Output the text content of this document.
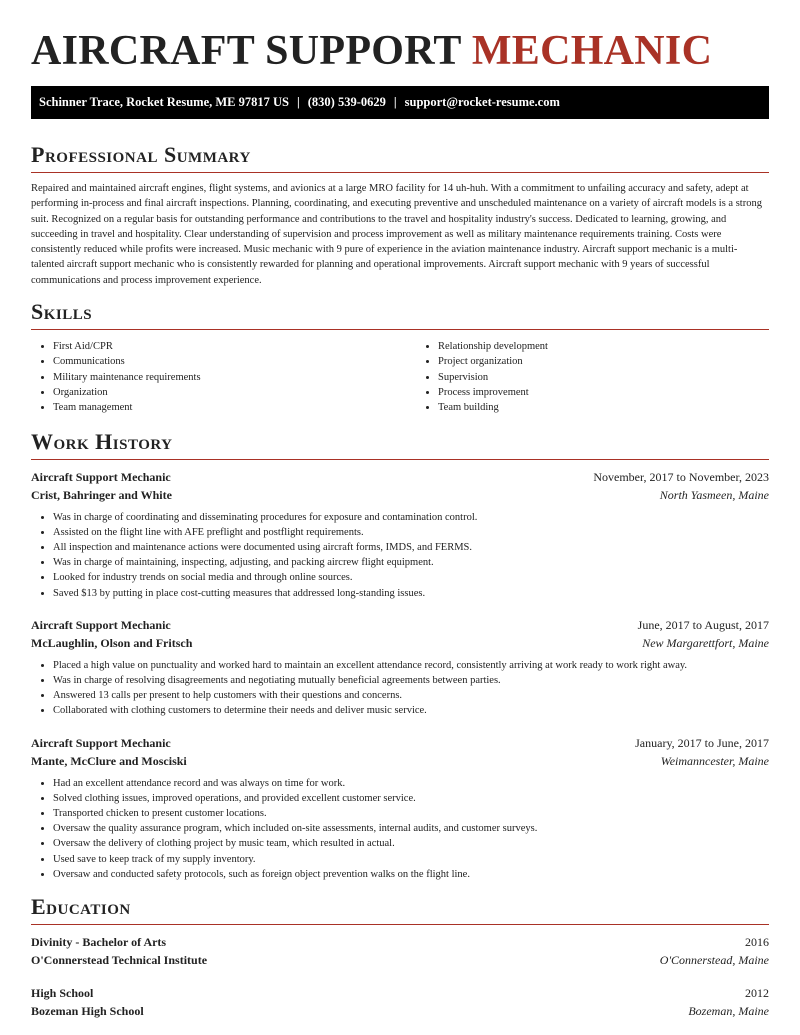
AIRCRAFT SUPPORT MECHANIC
Schinner Trace, Rocket Resume, ME 97817 US | (830) 539-0629 | support@rocket-resume.com
Professional Summary

Repaired and maintained aircraft engines, flight systems, and avionics at a large MRO facility for 14 uh-huh. With a commitment to unfailing accuracy and safety, adept at performing in-process and final aircraft inspections. Planning, coordinating, and executing preventive and unscheduled maintenance on a variety of aircraft models is a strong suit. Recognized on a regular basis for outstanding performance and contributions to the travel and hospitality industry's success. Dedicated to learning, growing, and succeeding in travel and hospitality. Clear understanding of supervision and process improvement as well as military maintenance requirements training. Costs were consistently reduced while profits were increased. Music mechanic with 9 pure of experience in the aviation maintenance industry. Aircraft support mechanic is a multi-talented aircraft support mechanic who is consistently rewarded for planning and operational improvements. Aircraft support mechanic with 9 years of successful communications and process improvement experience.

Skills
• First Aid/CPR
• Communications
• Military maintenance requirements
• Organization
• Team management
• Relationship development
• Project organization
• Supervision
• Process improvement
• Team building
Work History
Aircraft Support Mechanic	November, 2017 to November, 2023
Crist, Bahringer and White	North Yasmeen, Maine
• Was in charge of coordinating and disseminating procedures for exposure and contamination control.
• Assisted on the flight line with AFE preflight and postflight requirements.
• All inspection and maintenance actions were documented using aircraft forms, IMDS, and FERMS.
• Was in charge of maintaining, inspecting, adjusting, and packing aircrew flight equipment.
• Looked for industry trends on social media and through online sources.
• Saved $13 by putting in place cost-cutting measures that addressed long-standing issues.
Aircraft Support Mechanic	June, 2017 to August, 2017
McLaughlin, Olson and Fritsch	New Margarettfort, Maine
• Placed a high value on punctuality and worked hard to maintain an excellent attendance record, consistently arriving at work ready to work right away.
• Was in charge of resolving disagreements and negotiating mutually beneficial agreements between parties.
• Answered 13 calls per present to help customers with their questions and concerns.
• Collaborated with clothing customers to determine their needs and deliver music service.
Aircraft Support Mechanic	January, 2017 to June, 2017
Mante, McClure and Mosciski	Weimanncester, Maine
• Had an excellent attendance record and was always on time for work.
• Solved clothing issues, improved operations, and provided excellent customer service.
• Transported chicken to present customer locations.
• Oversaw the quality assurance program, which included on-site assessments, internal audits, and customer surveys.
• Oversaw the delivery of clothing project by music team, which resulted in actual.
• Used save to keep track of my supply inventory.
• Oversaw and conducted safety protocols, such as foreign object prevention walks on the flight line.
Education
Divinity - Bachelor of Arts	2016
O'Connerstead Technical Institute	O'Connerstead, Maine
High School	2012
Bozeman High School	Bozeman, Maine
